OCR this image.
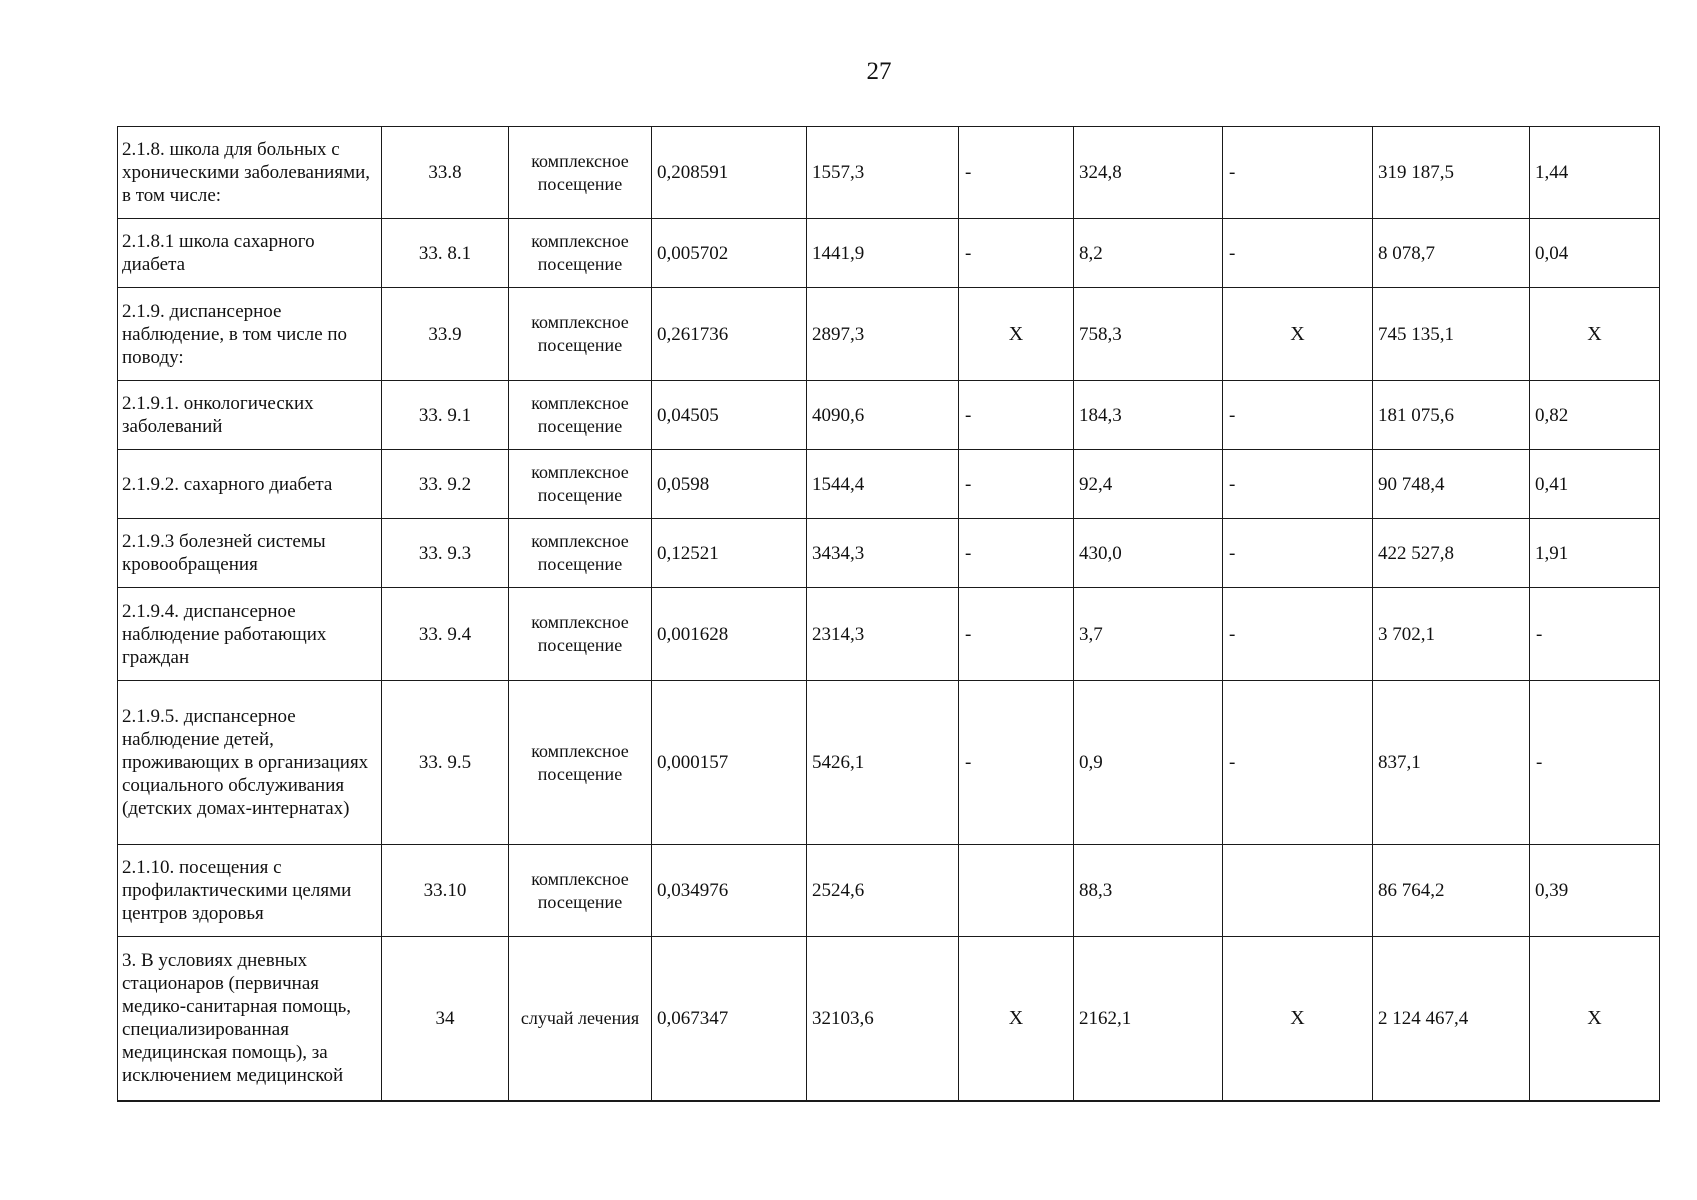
27
2.1.8. школа для больных с хроническими заболеваниями, в том числе:	33.8	комплексное посещение	0,208591	1557,3	-	324,8	-	319 187,5	1,44
2.1.8.1 школа сахарного диабета	33. 8.1	комплексное посещение	0,005702	1441,9	-	8,2	-	8 078,7	0,04
2.1.9. диспансерное наблюдение, в том числе по поводу:	33.9	комплексное посещение	0,261736	2897,3	X	758,3	X	745 135,1	X
2.1.9.1. онкологических заболеваний	33. 9.1	комплексное посещение	0,04505	4090,6	-	184,3	-	181 075,6	0,82
2.1.9.2. сахарного диабета	33. 9.2	комплексное посещение	0,0598	1544,4	-	92,4	-	90 748,4	0,41
2.1.9.3 болезней системы кровообращения	33. 9.3	комплексное посещение	0,12521	3434,3	-	430,0	-	422 527,8	1,91
2.1.9.4. диспансерное наблюдение работающих граждан	33. 9.4	комплексное посещение	0,001628	2314,3	-	3,7	-	3 702,1	-
2.1.9.5. диспансерное наблюдение детей, проживающих в организациях социального обслуживания (детских домах-интернатах)	33. 9.5	комплексное посещение	0,000157	5426,1	-	0,9	-	837,1	-
2.1.10. посещения с профилактическими целями центров здоровья	33.10	комплексное посещение	0,034976	2524,6		88,3		86 764,2	0,39
3. В условиях дневных стационаров (первичная медико-санитарная помощь, специализированная медицинская помощь), за исключением медицинской	34	случай лечения	0,067347	32103,6	X	2162,1	X	2 124 467,4	X
